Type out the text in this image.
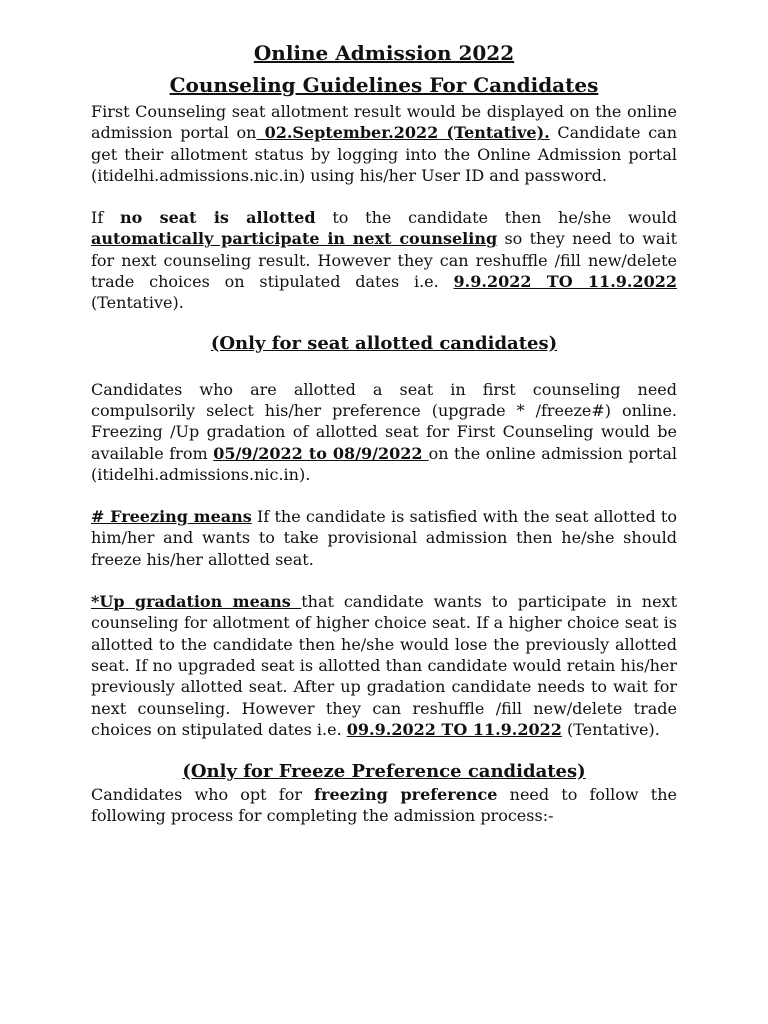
Online Admission 2022
Counseling Guidelines For Candidates

First Counseling seat allotment result would be displayed on the online admission portal on 02.September.2022 (Tentative). Candidate can get their allotment status by logging into the Online Admission portal (itidelhi.admissions.nic.in) using his/her User ID and password.

If no seat is allotted to the candidate then he/she would automatically participate in next counseling so they need to wait for next counseling result. However they can reshuffle /fill new/delete trade choices on stipulated dates i.e. 9.9.2022 TO 11.9.2022 (Tentative).

(Only for seat allotted candidates)

Candidates who are allotted a seat in first counseling need compulsorily select his/her preference (upgrade * /freeze#) online. Freezing /Up gradation of allotted seat for First Counseling would be available from 05/9/2022 to 08/9/2022 on the online admission portal (itidelhi.admissions.nic.in).

# Freezing means If the candidate is satisfied with the seat allotted to him/her and wants to take provisional admission then he/she should freeze his/her allotted seat.

*Up gradation means that candidate wants to participate in next counseling for allotment of higher choice seat. If a higher choice seat is allotted to the candidate then he/she would lose the previously allotted seat. If no upgraded seat is allotted than candidate would retain his/her previously allotted seat. After up gradation candidate needs to wait for next counseling. However they can reshuffle /fill new/delete trade choices on stipulated dates i.e. 09.9.2022 TO 11.9.2022 (Tentative).

(Only for Freeze Preference candidates)

Candidates who opt for freezing preference need to follow the following process for completing the admission process:-
